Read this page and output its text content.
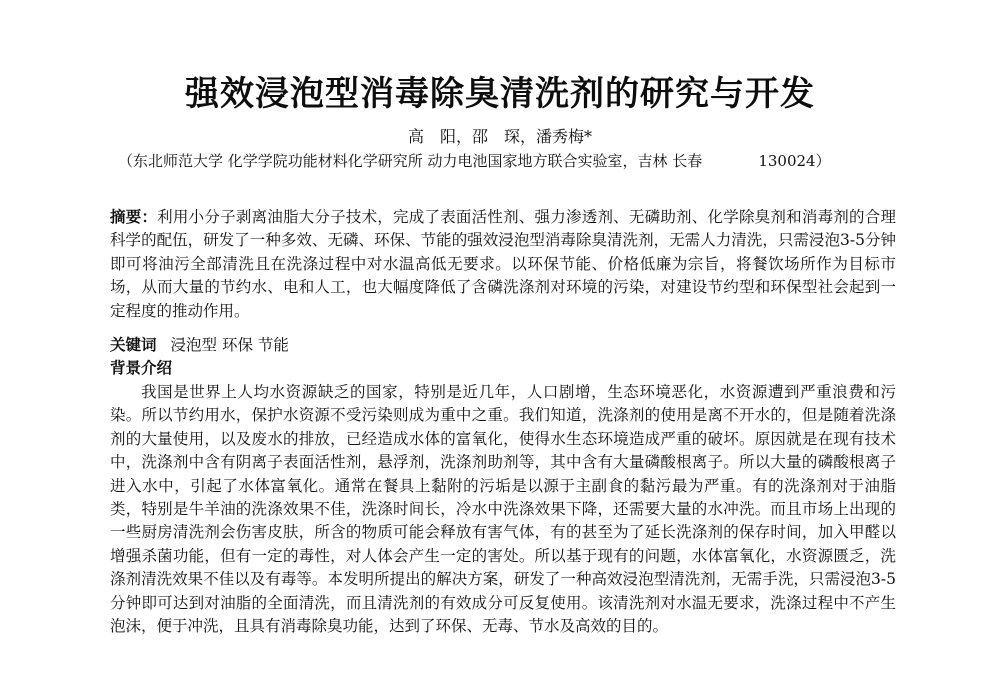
强效浸泡型消毒除臭清洗剂的研究与开发
高　阳，邵　琛，潘秀梅*
（东北师范大学 化学学院功能材料化学研究所 动力电池国家地方联合实验室，吉林 长春	130024）
摘要：利用小分子剥离油脂大分子技术，完成了表面活性剂、强力渗透剂、无磷助剂、化学除臭剂和消毒剂的合理科学的配伍，研发了一种多效、无磷、环保、节能的强效浸泡型消毒除臭清洗剂，无需人力清洗，只需浸泡3-5分钟即可将油污全部清洗且在洗涤过程中对水温高低无要求。以环保节能、价格低廉为宗旨，将餐饮场所作为目标市场，从而大量的节约水、电和人工，也大幅度降低了含磷洗涤剂对环境的污染，对建设节约型和环保型社会起到一定程度的推动作用。
关键词 浸泡型 环保 节能
背景介绍
我国是世界上人均水资源缺乏的国家，特别是近几年，人口剧增，生态环境恶化，水资源遭到严重浪费和污染。所以节约用水，保护水资源不受污染则成为重中之重。我们知道，洗涤剂的使用是离不开水的，但是随着洗涤剂的大量使用，以及废水的排放，已经造成水体的富氧化，使得水生态环境造成严重的破坏。原因就是在现有技术中，洗涤剂中含有阴离子表面活性剂，悬浮剂，洗涤剂助剂等，其中含有大量磷酸根离子。所以大量的磷酸根离子进入水中，引起了水体富氧化。通常在餐具上黏附的污垢是以源于主副食的黏污最为严重。有的洗涤剂对于油脂类，特别是牛羊油的洗涤效果不佳，洗涤时间长，冷水中洗涤效果下降，还需要大量的水冲洗。而且市场上出现的一些厨房清洗剂会伤害皮肤，所含的物质可能会释放有害气体，有的甚至为了延长洗涤剂的保存时间，加入甲醛以增强杀菌功能，但有一定的毒性，对人体会产生一定的害处。所以基于现有的问题，水体富氧化，水资源匮乏，洗涤剂清洗效果不佳以及有毒等。本发明所提出的解决方案，研发了一种高效浸泡型清洗剂，无需手洗，只需浸泡3-5分钟即可达到对油脂的全面清洗，而且清洗剂的有效成分可反复使用。该清洗剂对水温无要求，洗涤过程中不产生泡沫，便于冲洗，且具有消毒除臭功能，达到了环保、无毒、节水及高效的目的。
